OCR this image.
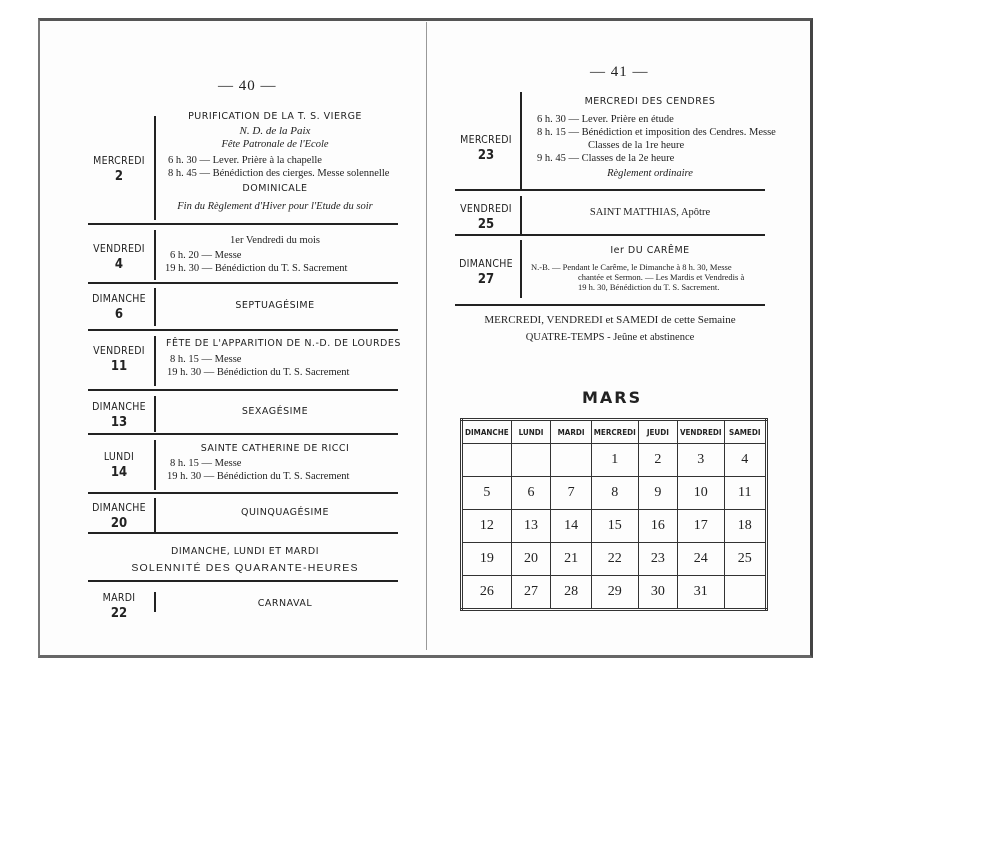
— 40 —
MERCREDI
2
PURIFICATION DE LA T. S. VIERGE
N. D. de la Paix
Fête Patronale de l'Ecole
6 h. 30 — Lever. Prière à la chapelle
8 h. 45 — Bénédiction des cierges. Messe solennelle
DOMINICALE
Fin du Règlement d'Hiver pour l'Etude du soir
VENDREDI
4
1er Vendredi du mois
6 h. 20 — Messe
19 h. 30 — Bénédiction du T. S. Sacrement
DIMANCHE
6
SEPTUAGÉSIME
VENDREDI
11
FÊTE DE L'APPARITION DE N.-D. DE LOURDES
8 h. 15 — Messe
19 h. 30 — Bénédiction du T. S. Sacrement
DIMANCHE
13
SEXAGÉSIME
LUNDI
14
SAINTE CATHERINE DE RICCI
8 h. 15 — Messe
19 h. 30 — Bénédiction du T. S. Sacrement
DIMANCHE
20
QUINQUAGÉSIME
DIMANCHE, LUNDI ET MARDI
SOLENNITÉ DES QUARANTE-HEURES
MARDI
22
CARNAVAL
— 41 —
MERCREDI
23
MERCREDI DES CENDRES
6 h. 30 — Lever. Prière en étude
8 h. 15 — Bénédiction et imposition des Cendres. Messe
Classes de la 1re heure
9 h. 45 — Classes de la 2e heure
Règlement ordinaire
VENDREDI
25
SAINT MATTHIAS, Apôtre
DIMANCHE
27
Ier DU CARÊME
N.-B. — Pendant le Carême, le Dimanche à 8 h. 30, Messe
chantée et Sermon. — Les Mardis et Vendredis à
19 h. 30, Bénédiction du T. S. Sacrement.
MERCREDI, VENDREDI et SAMEDI de cette Semaine
QUATRE-TEMPS - Jeûne et abstinence
MARS
DIMANCHE	LUNDI	MARDI	MERCREDI	JEUDI	VENDREDI	SAMEDI
			1	2	3	4
5	6	7	8	9	10	11
12	13	14	15	16	17	18
19	20	21	22	23	24	25
26	27	28	29	30	31	
